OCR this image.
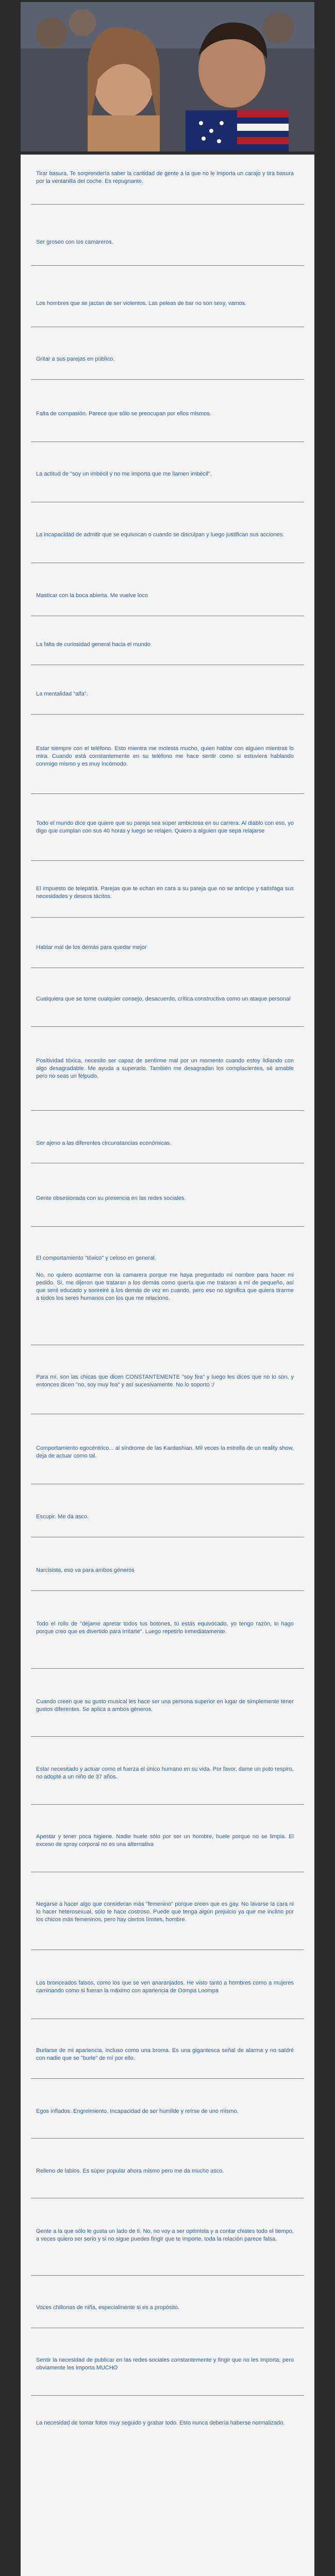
Tirar basura. Te sorprendería saber la cantidad de gente a la que no le importa un carajo y tira basura por la ventanilla del coche. Es repugnante.
Ser groseo con los camareros.
Los hombres que se jactan de ser violentos. Las peleas de bar no son sexy, vamos.
Gritar a sus parejas en público.
Falta de compasión. Parece que sólo se preocupan por ellos mismos.
La actitud de "soy un imbécil y no me importa que me llamen imbécil".
La incapacidad de admitir que se equivocan o cuando se disculpan y luego justifican sus acciones.
Masticar con la boca abierta. Me vuelve loco
La falta de curiosidad general hacia el mundo
La mentalidad "alfa".
Estar siempre con el teléfono. Esto mientra me molesta mucho, quien hablar con alguien mientras lo mira. Cuando está constantemente en su teléfono me hace sentir como si estuviera hablando conmigo mismo y es muy incómodo.
Todo el mundo dice que quiere que su pareja sea súper ambiciosa en su carrera. Al diablo con eso, yo digo que cumplan con sus 40 horas y luego se relajen. Quiero a alguien que sepa relajarse
El impuesto de telepatía. Parejas que te echan en cara a su pareja que no se anticipe y satisfaga sus necesidades y deseos tácitos.
Hablar mal de los demás para quedar mejor
Cualquiera que se tome cualquier consejo, desacuerdo, crítica constructiva como un ataque personal
Positividad tóxica, necesito ser capaz de sentirme mal por un momento cuando estoy lidiando con algo desagradable. Me ayuda a superarlo. También me desagradan los complacientes, sé amable pero no seas un felpudo.
Ser ajeno a las diferentes circunstancias económicas.
Gente obsesionada con su presencia en las redes sociales.
El comportamiento "tóxico" y celoso en general.
No, no quiero acostarme con la camarera porque me haya preguntado mi nombre para hacer mi pedido. Sí, me dijeron que trataran a los demás como quería que me trataran a mí de pequeño, así que seré educado y sonreiré a los demás de vez en cuando, pero eso no significa que quiera tirarme a todos los seres humanos con los que me relaciono.
Para mí, son las chicas que dicen CONSTANTEMENTE "soy fea" y luego les dices que no lo son, y entonces dicen "no, soy muy fea" y así sucesivamente. No lo soporto :/
Comportamiento egocéntrico... al síndrome de las Kardashian. Mil veces la estrella de un reality show, deja de actuar como tal.
Escupir. Me da asco.
Narcisista, eso va para ambos géneros
Todo el rollo de "déjame apretar todos tus botones, tú estás equivocado, yo tengo razón, lo hago porque creo que es divertido para irritarte". Luego repetirlo inmediatamente.
Cuando creen que su gusto musical les hace ser una persona superior en lugar de simplemente tener gustos diferentes. Se aplica a ambos géneros.
Estar necesitado y actuar como el fuerza el único humano en su vida. Por favor, dame un puto respiro, no adopté a un niño de 37 años.
Apestar y tener poca higiene. Nadie huele sólo por ser un hombre, huele porque no se limpia. El exceso de spray corporal no es una alternativa
Negarse a hacer algo que consideran más "femenino" porque creen que es gay. No lavarse la cara ni lo hacer heterosexual, sólo te hace costroso. Puede que tenga algún prejuicio ya que me inclino por los chicos más femeninos, pero hay ciertos límites, hombre.
Los bronceados falsos, como los que se ven anaranjados. He visto tanto a hombres como a mujeres caminando como si fueran la máximo con apariencia de Oompa Loompa
Burlarse de mi apariencia, incluso como una broma. Es una gigantesca señal de alarma y no saldré con nadie que se "burle" de mí por ello.
Egos inflados. Engreimiento. Incapacidad de ser humilde y reírse de uno mismo.
Relleno de labios. Es súper popular ahora mismo pero me da mucho asco.
Gente a la que sólo le gusta un lado de ti. No, no voy a ser optimista y a contar chistes todo el tiempo, a veces quiero ser serio y si no sigue puedes fingir que te importe, toda la relación parece falsa.
Voces chillonas de niña, especialmente si es a propósito.
Sentir la necesidad de publicar en las redes sociales constantemente y fingir que no les importa, pero obviamente les importa MUCHO
La necesidad de tomar fotos muy seguido y grabar todo. Esto nunca debería haberse normalizado.
